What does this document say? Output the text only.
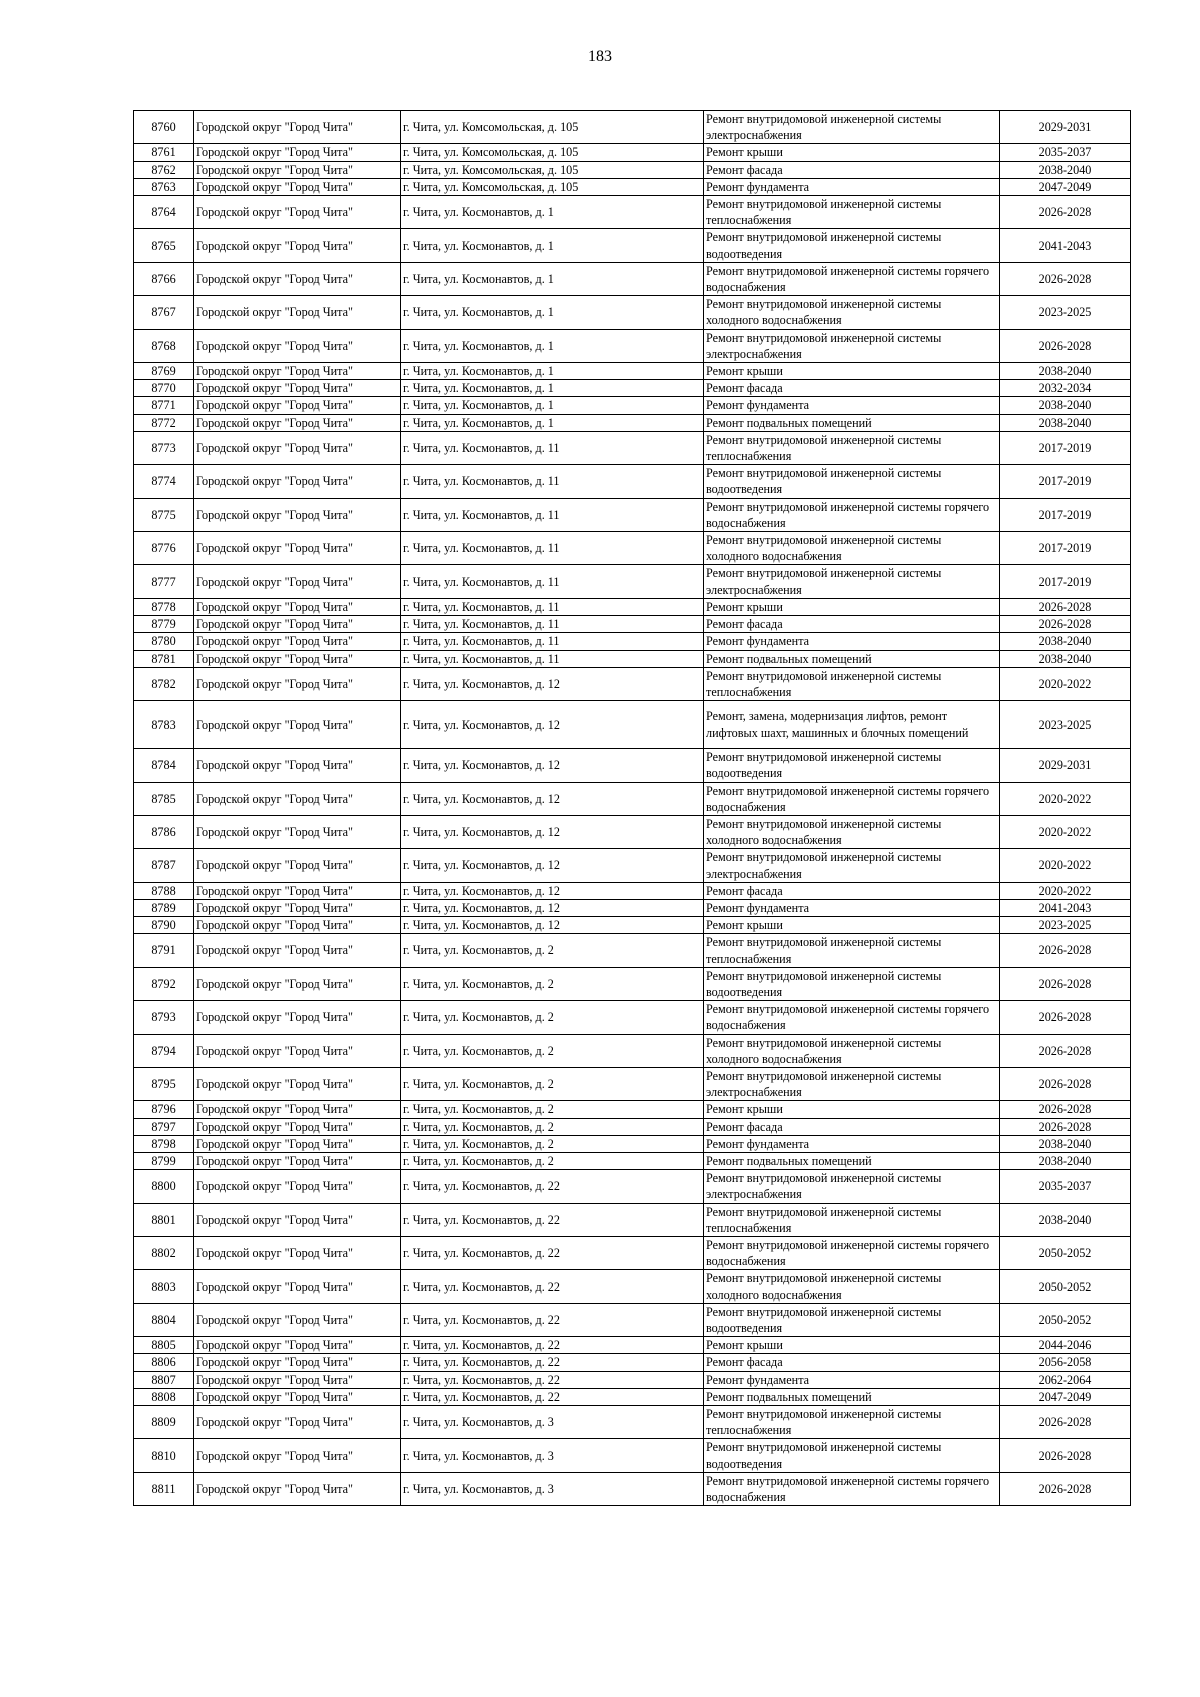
183
8760	Городской округ "Город Чита"	г. Чита, ул. Комсомольская, д. 105	Ремонт внутридомовой инженерной системы электроснабжения	2029-2031
8761	Городской округ "Город Чита"	г. Чита, ул. Комсомольская, д. 105	Ремонт крыши	2035-2037
8762	Городской округ "Город Чита"	г. Чита, ул. Комсомольская, д. 105	Ремонт фасада	2038-2040
8763	Городской округ "Город Чита"	г. Чита, ул. Комсомольская, д. 105	Ремонт фундамента	2047-2049
8764	Городской округ "Город Чита"	г. Чита, ул. Космонавтов, д. 1	Ремонт внутридомовой инженерной системы теплоснабжения	2026-2028
8765	Городской округ "Город Чита"	г. Чита, ул. Космонавтов, д. 1	Ремонт внутридомовой инженерной системы водоотведения	2041-2043
8766	Городской округ "Город Чита"	г. Чита, ул. Космонавтов, д. 1	Ремонт внутридомовой инженерной системы горячего водоснабжения	2026-2028
8767	Городской округ "Город Чита"	г. Чита, ул. Космонавтов, д. 1	Ремонт внутридомовой инженерной системы холодного водоснабжения	2023-2025
8768	Городской округ "Город Чита"	г. Чита, ул. Космонавтов, д. 1	Ремонт внутридомовой инженерной системы электроснабжения	2026-2028
8769	Городской округ "Город Чита"	г. Чита, ул. Космонавтов, д. 1	Ремонт крыши	2038-2040
8770	Городской округ "Город Чита"	г. Чита, ул. Космонавтов, д. 1	Ремонт фасада	2032-2034
8771	Городской округ "Город Чита"	г. Чита, ул. Космонавтов, д. 1	Ремонт фундамента	2038-2040
8772	Городской округ "Город Чита"	г. Чита, ул. Космонавтов, д. 1	Ремонт подвальных помещений	2038-2040
8773	Городской округ "Город Чита"	г. Чита, ул. Космонавтов, д. 11	Ремонт внутридомовой инженерной системы теплоснабжения	2017-2019
8774	Городской округ "Город Чита"	г. Чита, ул. Космонавтов, д. 11	Ремонт внутридомовой инженерной системы водоотведения	2017-2019
8775	Городской округ "Город Чита"	г. Чита, ул. Космонавтов, д. 11	Ремонт внутридомовой инженерной системы горячего водоснабжения	2017-2019
8776	Городской округ "Город Чита"	г. Чита, ул. Космонавтов, д. 11	Ремонт внутридомовой инженерной системы холодного водоснабжения	2017-2019
8777	Городской округ "Город Чита"	г. Чита, ул. Космонавтов, д. 11	Ремонт внутридомовой инженерной системы электроснабжения	2017-2019
8778	Городской округ "Город Чита"	г. Чита, ул. Космонавтов, д. 11	Ремонт крыши	2026-2028
8779	Городской округ "Город Чита"	г. Чита, ул. Космонавтов, д. 11	Ремонт фасада	2026-2028
8780	Городской округ "Город Чита"	г. Чита, ул. Космонавтов, д. 11	Ремонт фундамента	2038-2040
8781	Городской округ "Город Чита"	г. Чита, ул. Космонавтов, д. 11	Ремонт подвальных помещений	2038-2040
8782	Городской округ "Город Чита"	г. Чита, ул. Космонавтов, д. 12	Ремонт внутридомовой инженерной системы теплоснабжения	2020-2022
8783	Городской округ "Город Чита"	г. Чита, ул. Космонавтов, д. 12	Ремонт, замена, модернизация лифтов, ремонт лифтовых шахт, машинных и блочных помещений	2023-2025
8784	Городской округ "Город Чита"	г. Чита, ул. Космонавтов, д. 12	Ремонт внутридомовой инженерной системы водоотведения	2029-2031
8785	Городской округ "Город Чита"	г. Чита, ул. Космонавтов, д. 12	Ремонт внутридомовой инженерной системы горячего водоснабжения	2020-2022
8786	Городской округ "Город Чита"	г. Чита, ул. Космонавтов, д. 12	Ремонт внутридомовой инженерной системы холодного водоснабжения	2020-2022
8787	Городской округ "Город Чита"	г. Чита, ул. Космонавтов, д. 12	Ремонт внутридомовой инженерной системы электроснабжения	2020-2022
8788	Городской округ "Город Чита"	г. Чита, ул. Космонавтов, д. 12	Ремонт фасада	2020-2022
8789	Городской округ "Город Чита"	г. Чита, ул. Космонавтов, д. 12	Ремонт фундамента	2041-2043
8790	Городской округ "Город Чита"	г. Чита, ул. Космонавтов, д. 12	Ремонт крыши	2023-2025
8791	Городской округ "Город Чита"	г. Чита, ул. Космонавтов, д. 2	Ремонт внутридомовой инженерной системы теплоснабжения	2026-2028
8792	Городской округ "Город Чита"	г. Чита, ул. Космонавтов, д. 2	Ремонт внутридомовой инженерной системы водоотведения	2026-2028
8793	Городской округ "Город Чита"	г. Чита, ул. Космонавтов, д. 2	Ремонт внутридомовой инженерной системы горячего водоснабжения	2026-2028
8794	Городской округ "Город Чита"	г. Чита, ул. Космонавтов, д. 2	Ремонт внутридомовой инженерной системы холодного водоснабжения	2026-2028
8795	Городской округ "Город Чита"	г. Чита, ул. Космонавтов, д. 2	Ремонт внутридомовой инженерной системы электроснабжения	2026-2028
8796	Городской округ "Город Чита"	г. Чита, ул. Космонавтов, д. 2	Ремонт крыши	2026-2028
8797	Городской округ "Город Чита"	г. Чита, ул. Космонавтов, д. 2	Ремонт фасада	2026-2028
8798	Городской округ "Город Чита"	г. Чита, ул. Космонавтов, д. 2	Ремонт фундамента	2038-2040
8799	Городской округ "Город Чита"	г. Чита, ул. Космонавтов, д. 2	Ремонт подвальных помещений	2038-2040
8800	Городской округ "Город Чита"	г. Чита, ул. Космонавтов, д. 22	Ремонт внутридомовой инженерной системы электроснабжения	2035-2037
8801	Городской округ "Город Чита"	г. Чита, ул. Космонавтов, д. 22	Ремонт внутридомовой инженерной системы теплоснабжения	2038-2040
8802	Городской округ "Город Чита"	г. Чита, ул. Космонавтов, д. 22	Ремонт внутридомовой инженерной системы горячего водоснабжения	2050-2052
8803	Городской округ "Город Чита"	г. Чита, ул. Космонавтов, д. 22	Ремонт внутридомовой инженерной системы холодного водоснабжения	2050-2052
8804	Городской округ "Город Чита"	г. Чита, ул. Космонавтов, д. 22	Ремонт внутридомовой инженерной системы водоотведения	2050-2052
8805	Городской округ "Город Чита"	г. Чита, ул. Космонавтов, д. 22	Ремонт крыши	2044-2046
8806	Городской округ "Город Чита"	г. Чита, ул. Космонавтов, д. 22	Ремонт фасада	2056-2058
8807	Городской округ "Город Чита"	г. Чита, ул. Космонавтов, д. 22	Ремонт фундамента	2062-2064
8808	Городской округ "Город Чита"	г. Чита, ул. Космонавтов, д. 22	Ремонт подвальных помещений	2047-2049
8809	Городской округ "Город Чита"	г. Чита, ул. Космонавтов, д. 3	Ремонт внутридомовой инженерной системы теплоснабжения	2026-2028
8810	Городской округ "Город Чита"	г. Чита, ул. Космонавтов, д. 3	Ремонт внутридомовой инженерной системы водоотведения	2026-2028
8811	Городской округ "Город Чита"	г. Чита, ул. Космонавтов, д. 3	Ремонт внутридомовой инженерной системы горячего водоснабжения	2026-2028
